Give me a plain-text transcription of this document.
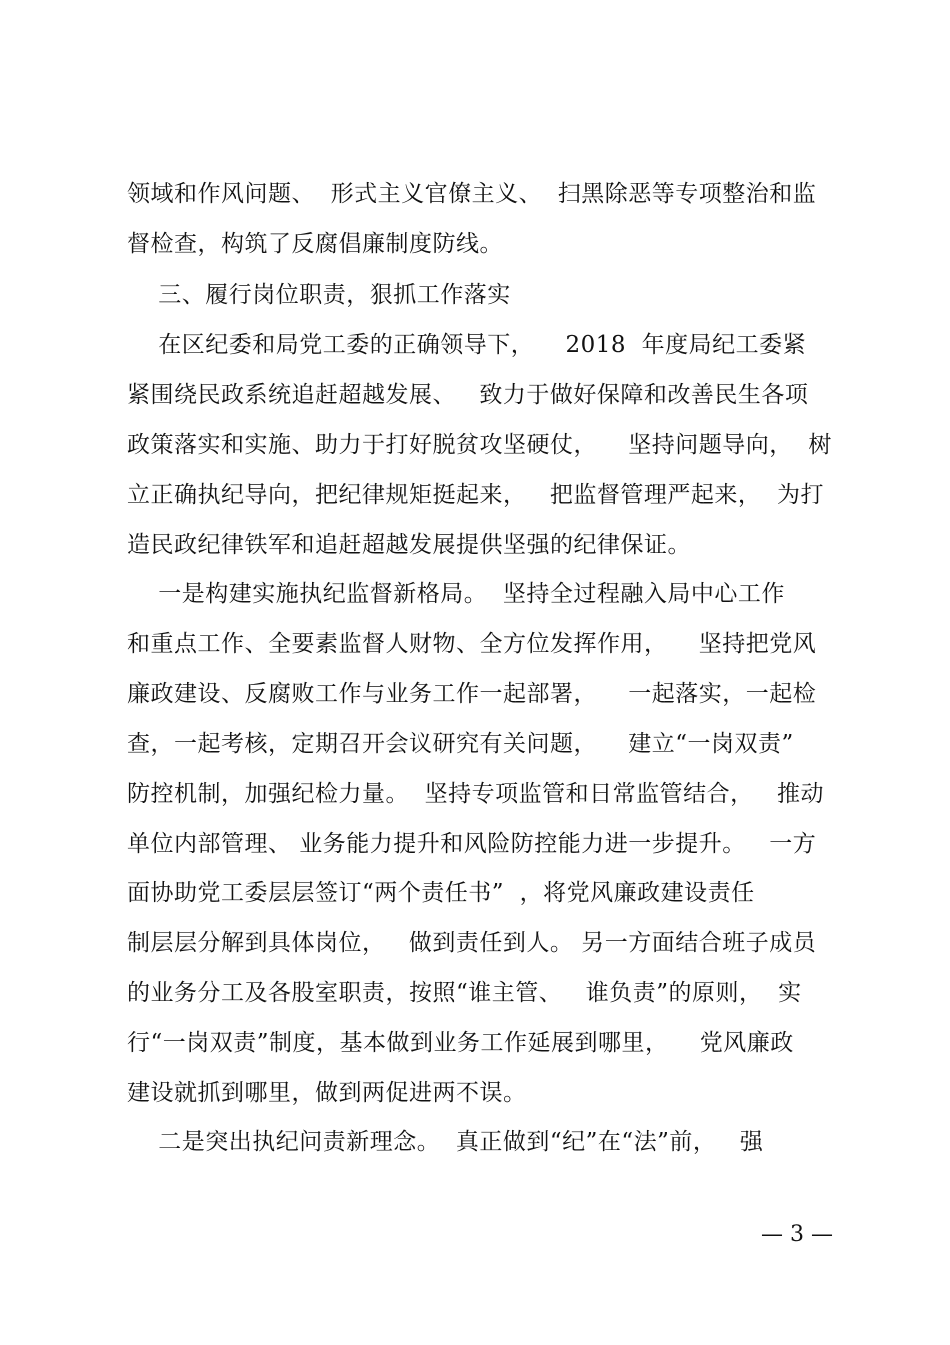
领域和作风问题、  形式主义官僚主义、  扫黑除恶等专项整治和监
督检查，构筑了反腐倡廉制度防线。
三、履行岗位职责，狠抓工作落实
在区纪委和局党工委的正确领导下，    2018  年度局纪工委紧
紧围绕民政系统追赶超越发展、   致力于做好保障和改善民生各项
政策落实和实施、助力于打好脱贫攻坚硬仗，    坚持问题导向，  树
立正确执纪导向，把纪律规矩挺起来，   把监督管理严起来，  为打
造民政纪律铁军和追赶超越发展提供坚强的纪律保证。
一是构建实施执纪监督新格局。  坚持全过程融入局中心工作
和重点工作、全要素监督人财物、全方位发挥作用，    坚持把党风
廉政建设、反腐败工作与业务工作一起部署，    一起落实，一起检
查，一起考核，定期召开会议研究有关问题，    建立“一岗双责”
防控机制，加强纪检力量。  坚持专项监管和日常监管结合，   推动
单位内部管理、 业务能力提升和风险防控能力进一步提升。   一方
面协助党工委层层签订“两个责任书”  ，将党风廉政建设责任
制层层分解到具体岗位，   做到责任到人。 另一方面结合班子成员
的业务分工及各股室职责，按照“谁主管、   谁负责”的原则，  实
行“一岗双责”制度，基本做到业务工作延展到哪里，    党风廉政
建设就抓到哪里，做到两促进两不误。
二是突出执纪问责新理念。  真正做到“纪”在“法”前，   强
— 3 —
